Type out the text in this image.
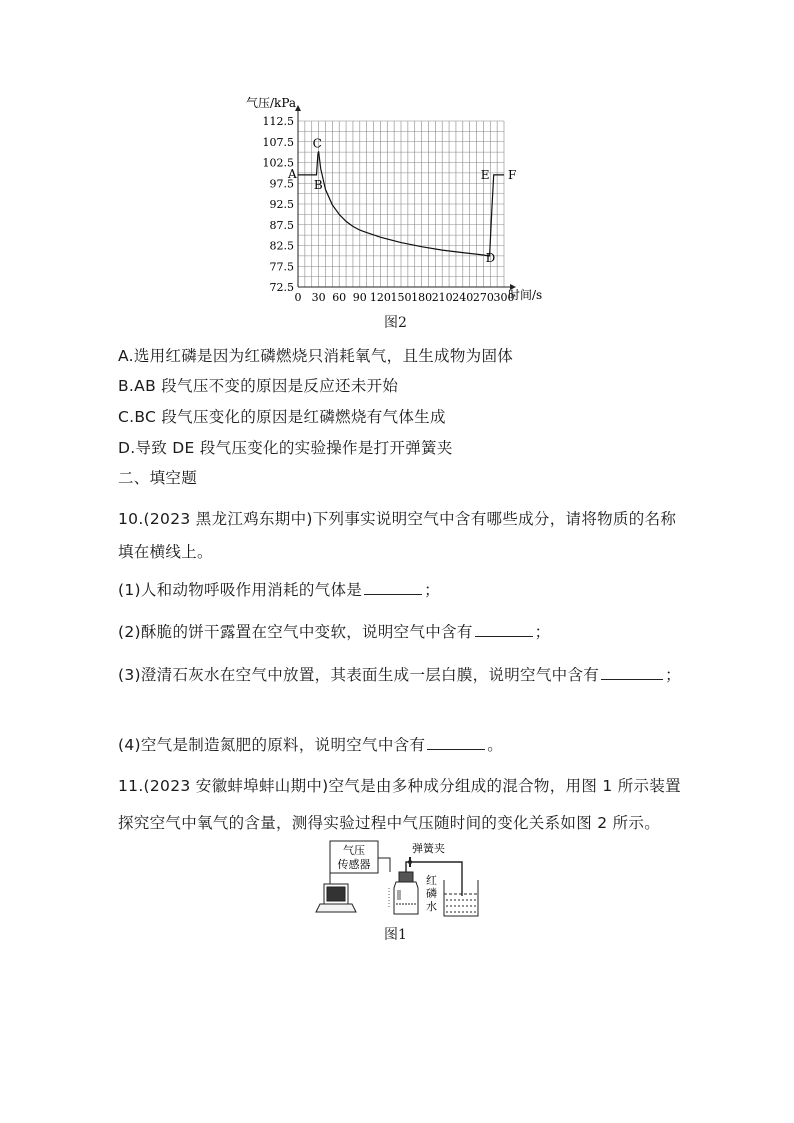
0 30 60 90 120 150 180 210 240 270 300
112.5
107.5
102.5
97.5
92.5
87.5
82.5
77.5
72.5
A
B
C
D
E F
气压/kPa
时间/s
图2
A.选用红磷是因为红磷燃烧只消耗氧气，且生成物为固体
B.AB 段气压不变的原因是反应还未开始
C.BC 段气压变化的原因是红磷燃烧有气体生成
D.导致 DE 段气压变化的实验操作是打开弹簧夹
二、填空题
10.(2023 黑龙江鸡东期中)下列事实说明空气中含有哪些成分，请将物质的名称
填在横线上。
(1)人和动物呼吸作用消耗的气体是	；
(2)酥脆的饼干露置在空气中变软，说明空气中含有	；
(3)澄清石灰水在空气中放置，其表面生成一层白膜，说明空气中含有	；
(4)空气是制造氮肥的原料，说明空气中含有	。
11.(2023 安徽蚌埠蚌山期中)空气是由多种成分组成的混合物，用图 1 所示装置
探究空气中氧气的含量，测得实验过程中气压随时间的变化关系如图 2 所示。
气压
传感器
弹簧夹
红
磷
水
图1
